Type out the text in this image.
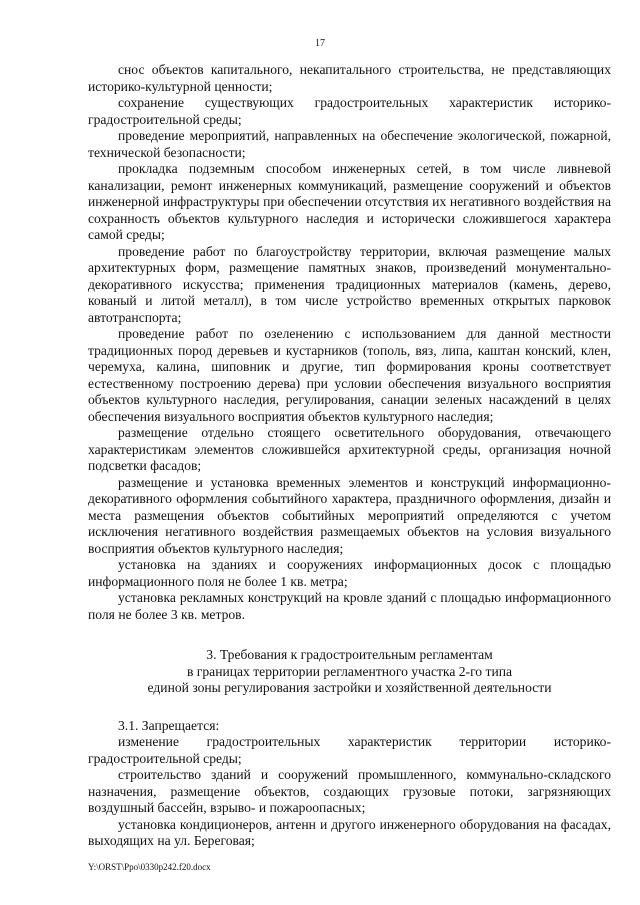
17

снос объектов капитального, некапитального строительства, не представляющих историко-культурной ценности;

сохранение существующих градостроительных характеристик историко-градостроительной среды;

проведение мероприятий, направленных на обеспечение экологической, пожарной, технической безопасности;

прокладка подземным способом инженерных сетей, в том числе ливневой канализации, ремонт инженерных коммуникаций, размещение сооружений и объектов инженерной инфраструктуры при обеспечении отсутствия их негативного воздействия на сохранность объектов культурного наследия и исторически сложившегося характера самой среды;

проведение работ по благоустройству территории, включая размещение малых архитектурных форм, размещение памятных знаков, произведений монументально-декоративного искусства; применения традиционных материалов (камень, дерево, кованый и литой металл), в том числе устройство временных открытых парковок автотранспорта;

проведение работ по озеленению с использованием для данной местности традиционных пород деревьев и кустарников (тополь, вяз, липа, каштан конский, клен, черемуха, калина, шиповник и другие, тип формирования кроны соответствует естественному построению дерева) при условии обеспечения визуального восприятия объектов культурного наследия, регулирования, санации зеленых насаждений в целях обеспечения визуального восприятия объектов культурного наследия;

размещение отдельно стоящего осветительного оборудования, отвечающего характеристикам элементов сложившейся архитектурной среды, организация ночной подсветки фасадов;

размещение и установка временных элементов и конструкций информационно-декоративного оформления событийного характера, праздничного оформления, дизайн и места размещения объектов событийных мероприятий определяются с учетом исключения негативного воздействия размещаемых объектов на условия визуального восприятия объектов культурного наследия;

установка на зданиях и сооружениях информационных досок с площадью информационного поля не более 1 кв. метра;

установка рекламных конструкций на кровле зданий с площадью информационного поля не более 3 кв. метров.

3. Требования к градостроительным регламентам
в границах территории регламентного участка 2-го типа
единой зоны регулирования застройки и хозяйственной деятельности

3.1. Запрещается:

изменение градостроительных характеристик территории историко-градостроительной среды;

строительство зданий и сооружений промышленного, коммунально-складского назначения, размещение объектов, создающих грузовые потоки, загрязняющих воздушный бассейн, взрыво- и пожароопасных;

установка кондиционеров, антенн и другого инженерного оборудования на фасадах, выходящих на ул. Береговая;

Y:\ORST\Ppo\0330p242.f20.docx
